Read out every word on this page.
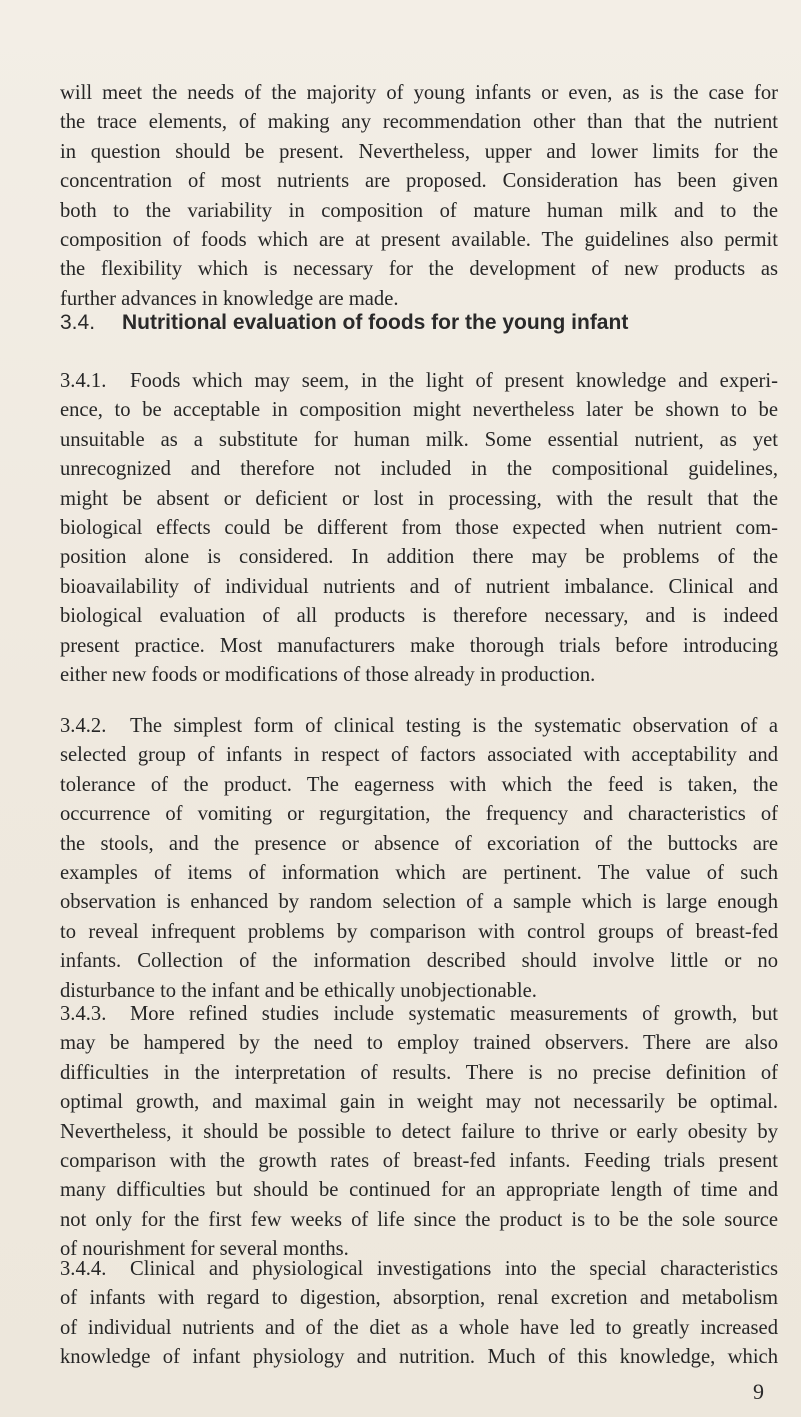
will meet the needs of the majority of young infants or even, as is the case for
the trace elements, of making any recommendation other than that the nutrient
in question should be present. Nevertheless, upper and lower limits for the
concentration of most nutrients are proposed. Consideration has been given
both to the variability in composition of mature human milk and to the
composition of foods which are at present available. The guidelines also permit
the flexibility which is necessary for the development of new products as
further advances in knowledge are made.
3.4. Nutritional evaluation of foods for the young infant
3.4.1. Foods which may seem, in the light of present knowledge and experi-
ence, to be acceptable in composition might nevertheless later be shown to be
unsuitable as a substitute for human milk. Some essential nutrient, as yet
unrecognized and therefore not included in the compositional guidelines,
might be absent or deficient or lost in processing, with the result that the
biological effects could be different from those expected when nutrient com-
position alone is considered. In addition there may be problems of the
bioavailability of individual nutrients and of nutrient imbalance. Clinical and
biological evaluation of all products is therefore necessary, and is indeed
present practice. Most manufacturers make thorough trials before introducing
either new foods or modifications of those already in production.
3.4.2. The simplest form of clinical testing is the systematic observation of a
selected group of infants in respect of factors associated with acceptability and
tolerance of the product. The eagerness with which the feed is taken, the
occurrence of vomiting or regurgitation, the frequency and characteristics of
the stools, and the presence or absence of excoriation of the buttocks are
examples of items of information which are pertinent. The value of such
observation is enhanced by random selection of a sample which is large enough
to reveal infrequent problems by comparison with control groups of breast-fed
infants. Collection of the information described should involve little or no
disturbance to the infant and be ethically unobjectionable.
3.4.3. More refined studies include systematic measurements of growth, but
may be hampered by the need to employ trained observers. There are also
difficulties in the interpretation of results. There is no precise definition of
optimal growth, and maximal gain in weight may not necessarily be optimal.
Nevertheless, it should be possible to detect failure to thrive or early obesity by
comparison with the growth rates of breast-fed infants. Feeding trials present
many difficulties but should be continued for an appropriate length of time and
not only for the first few weeks of life since the product is to be the sole source
of nourishment for several months.
3.4.4. Clinical and physiological investigations into the special characteristics
of infants with regard to digestion, absorption, renal excretion and metabolism
of individual nutrients and of the diet as a whole have led to greatly increased
knowledge of infant physiology and nutrition. Much of this knowledge, which
9
